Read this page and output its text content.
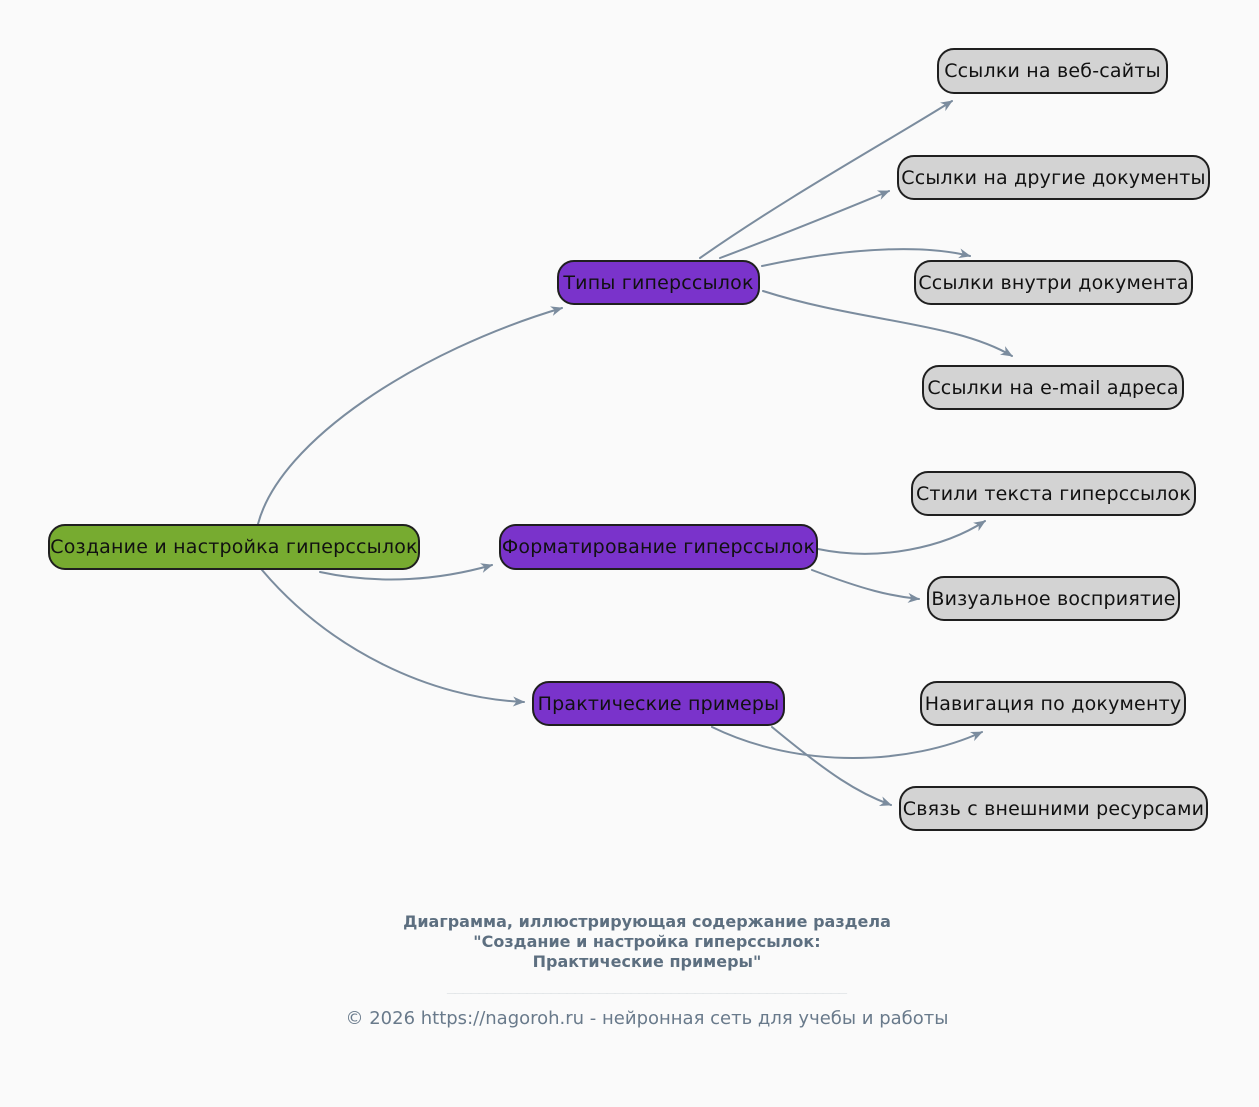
Создание и настройка гиперссылок
Типы гиперссылок
Форматирование гиперссылок
Практические примеры
Ссылки на веб-сайты
Ссылки на другие документы
Ссылки внутри документа
Ссылки на e-mail адреса
Стили текста гиперссылок
Визуальное восприятие
Навигация по документу
Связь с внешними ресурсами
Диаграмма, иллюстрирующая содержание раздела
"Создание и настройка гиперссылок:
Практические примеры"
__________________________________________________
© 2026 https://nagoroh.ru - нейронная сеть для учебы и работы
